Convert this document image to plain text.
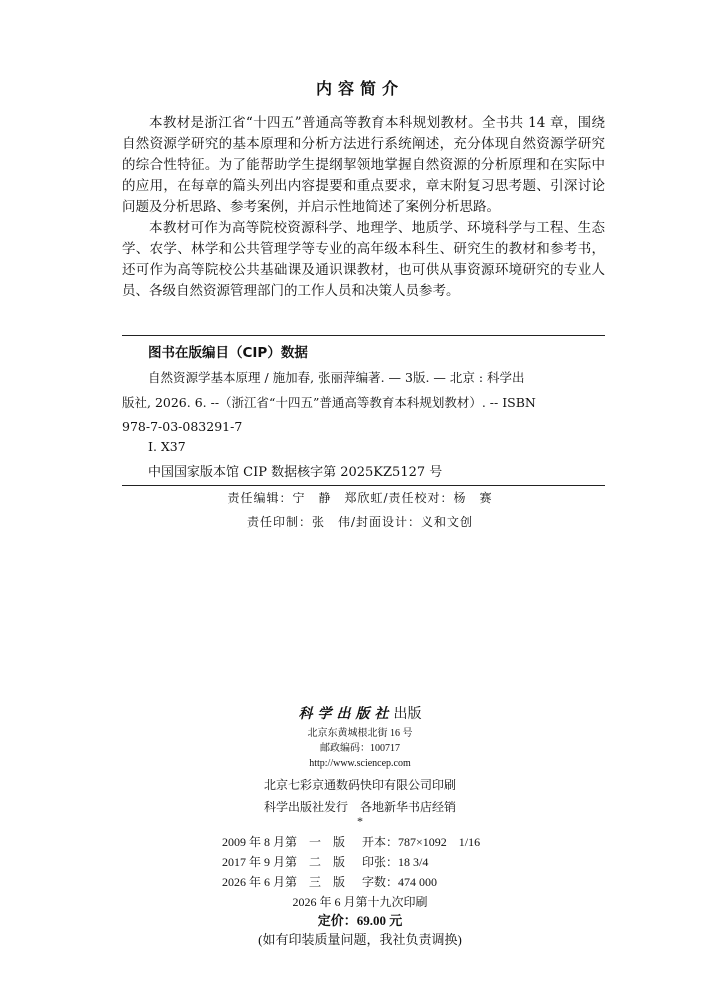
内容简介

本教材是浙江省“十四五”普通高等教育本科规划教材。全书共 14 章，围绕自然资源学研究的基本原理和分析方法进行系统阐述，充分体现自然资源学研究的综合性特征。为了能帮助学生提纲挈领地掌握自然资源的分析原理和在实际中的应用，在每章的篇头列出内容提要和重点要求，章末附复习思考题、引深讨论问题及分析思路、参考案例，并启示性地简述了案例分析思路。

本教材可作为高等院校资源科学、地理学、地质学、环境科学与工程、生态学、农学、林学和公共管理学等专业的高年级本科生、研究生的教材和参考书，还可作为高等院校公共基础课及通识课教材，也可供从事资源环境研究的专业人员、各级自然资源管理部门的工作人员和决策人员参考。

图书在版编目（CIP）数据
自然资源学基本原理 / 施加春, 张丽萍编著. — 3版. — 北京 : 科学出
版社, 2026. 6. --（浙江省“十四五”普通高等教育本科规划教材）. -- ISBN
978-7-03-083291-7
Ⅰ. X37
中国国家版本馆 CIP 数据核字第 2025KZ5127 号
责任编辑：宁　静　郑欣虹/责任校对：杨　赛
责任印制：张　伟/封面设计：义和文创
科学出版社出版
北京东黄城根北街 16 号
邮政编码：100717
http://www.sciencep.com
北京七彩京通数码快印有限公司印刷
科学出版社发行　各地新华书店经销
*
2009 年 8 月第　一　版 开本：787×1092　1/16
2017 年 9 月第　二　版 印张：18 3/4
2026 年 6 月第　三　版 字数：474 000
2026 年 6 月第十九次印刷
定价：69.00 元
(如有印装质量问题，我社负责调换)
